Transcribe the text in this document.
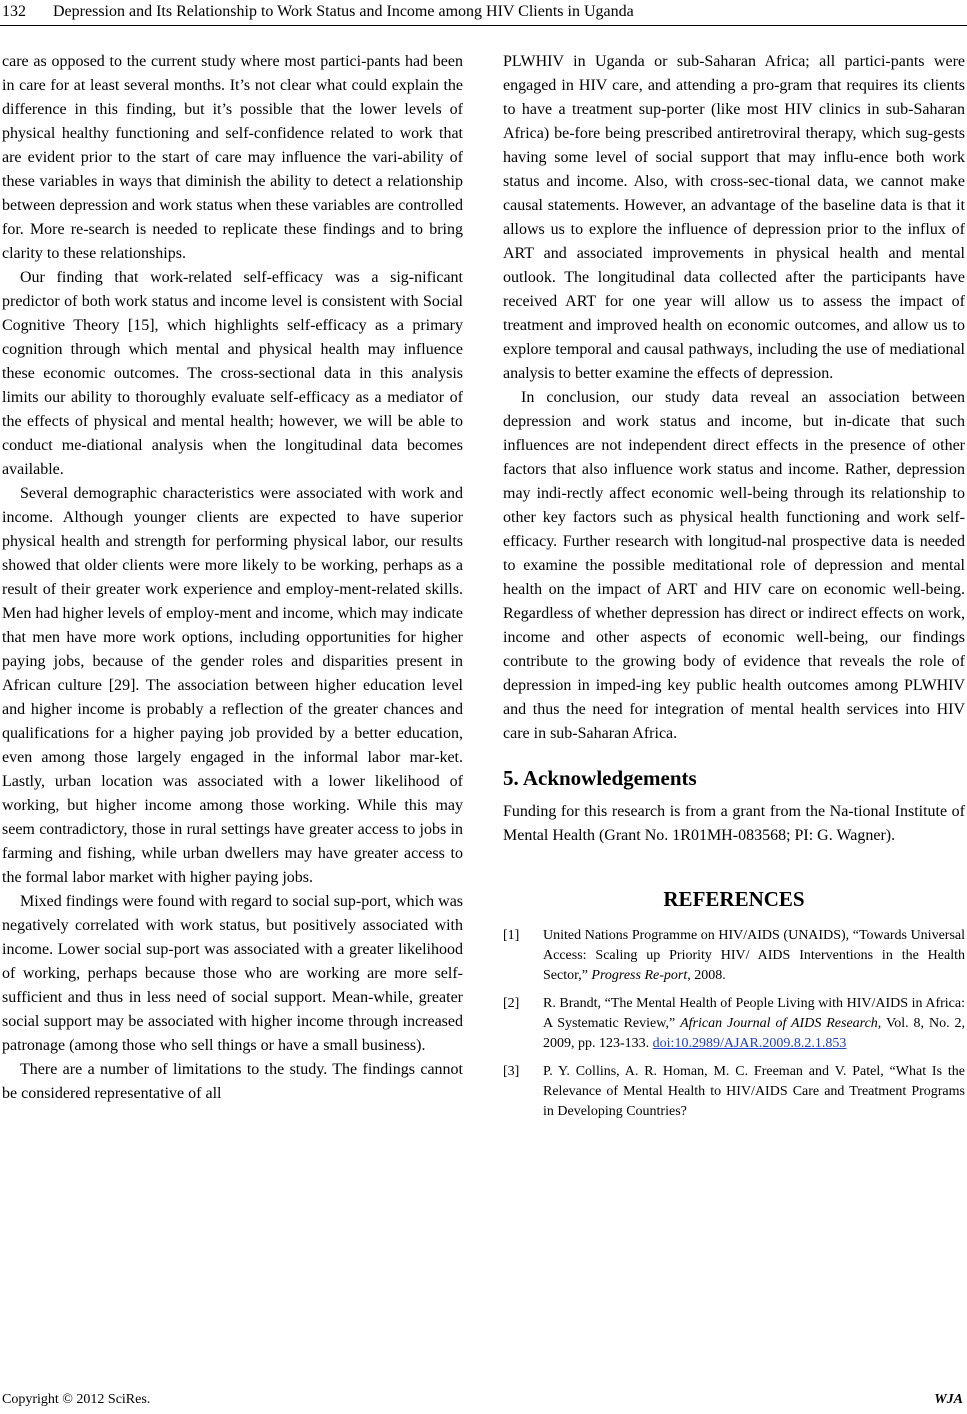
132 Depression and Its Relationship to Work Status and Income among HIV Clients in Uganda

care as opposed to the current study where most partici-pants had been in care for at least several months. It’s not clear what could explain the difference in this finding, but it’s possible that the lower levels of physical healthy functioning and self-confidence related to work that are evident prior to the start of care may influence the vari-ability of these variables in ways that diminish the ability to detect a relationship between depression and work status when these variables are controlled for. More re-search is needed to replicate these findings and to bring clarity to these relationships.

Our finding that work-related self-efficacy was a sig-nificant predictor of both work status and income level is consistent with Social Cognitive Theory [15], which highlights self-efficacy as a primary cognition through which mental and physical health may influence these economic outcomes. The cross-sectional data in this analysis limits our ability to thoroughly evaluate self-efficacy as a mediator of the effects of physical and mental health; however, we will be able to conduct me-diational analysis when the longitudinal data becomes available.

Several demographic characteristics were associated with work and income. Although younger clients are expected to have superior physical health and strength for performing physical labor, our results showed that older clients were more likely to be working, perhaps as a result of their greater work experience and employ-ment-related skills. Men had higher levels of employ-ment and income, which may indicate that men have more work options, including opportunities for higher paying jobs, because of the gender roles and disparities present in African culture [29]. The association between higher education level and higher income is probably a reflection of the greater chances and qualifications for a higher paying job provided by a better education, even among those largely engaged in the informal labor mar-ket. Lastly, urban location was associated with a lower likelihood of working, but higher income among those working. While this may seem contradictory, those in rural settings have greater access to jobs in farming and fishing, while urban dwellers may have greater access to the formal labor market with higher paying jobs.

Mixed findings were found with regard to social sup-port, which was negatively correlated with work status, but positively associated with income. Lower social sup-port was associated with a greater likelihood of working, perhaps because those who are working are more self-sufficient and thus in less need of social support. Mean-while, greater social support may be associated with higher income through increased patronage (among those who sell things or have a small business).

There are a number of limitations to the study. The findings cannot be considered representative of all

PLWHIV in Uganda or sub-Saharan Africa; all partici-pants were engaged in HIV care, and attending a pro-gram that requires its clients to have a treatment sup-porter (like most HIV clinics in sub-Saharan Africa) be-fore being prescribed antiretroviral therapy, which sug-gests having some level of social support that may influ-ence both work status and income. Also, with cross-sec-tional data, we cannot make causal statements. However, an advantage of the baseline data is that it allows us to explore the influence of depression prior to the influx of ART and associated improvements in physical health and mental outlook. The longitudinal data collected after the participants have received ART for one year will allow us to assess the impact of treatment and improved health on economic outcomes, and allow us to explore temporal and causal pathways, including the use of mediational analysis to better examine the effects of depression.

In conclusion, our study data reveal an association between depression and work status and income, but in-dicate that such influences are not independent direct effects in the presence of other factors that also influence work status and income. Rather, depression may indi-rectly affect economic well-being through its relationship to other key factors such as physical health functioning and work self-efficacy. Further research with longitud-nal prospective data is needed to examine the possible meditational role of depression and mental health on the impact of ART and HIV care on economic well-being. Regardless of whether depression has direct or indirect effects on work, income and other aspects of economic well-being, our findings contribute to the growing body of evidence that reveals the role of depression in imped-ing key public health outcomes among PLWHIV and thus the need for integration of mental health services into HIV care in sub-Saharan Africa.

5. Acknowledgements

Funding for this research is from a grant from the Na-tional Institute of Mental Health (Grant No. 1R01MH-083568; PI: G. Wagner).

REFERENCES
[1]	United Nations Programme on HIV/AIDS (UNAIDS), “Towards Universal Access: Scaling up Priority HIV/ AIDS Interventions in the Health Sector,” Progress Re-port, 2008.
[2]	R. Brandt, “The Mental Health of People Living with HIV/AIDS in Africa: A Systematic Review,” African Journal of AIDS Research, Vol. 8, No. 2, 2009, pp. 123-133. doi:10.2989/AJAR.2009.8.2.1.853
[3]	P. Y. Collins, A. R. Homan, M. C. Freeman and V. Patel, “What Is the Relevance of Mental Health to HIV/AIDS Care and Treatment Programs in Developing Countries?
Copyright © 2012 SciRes.	WJA
